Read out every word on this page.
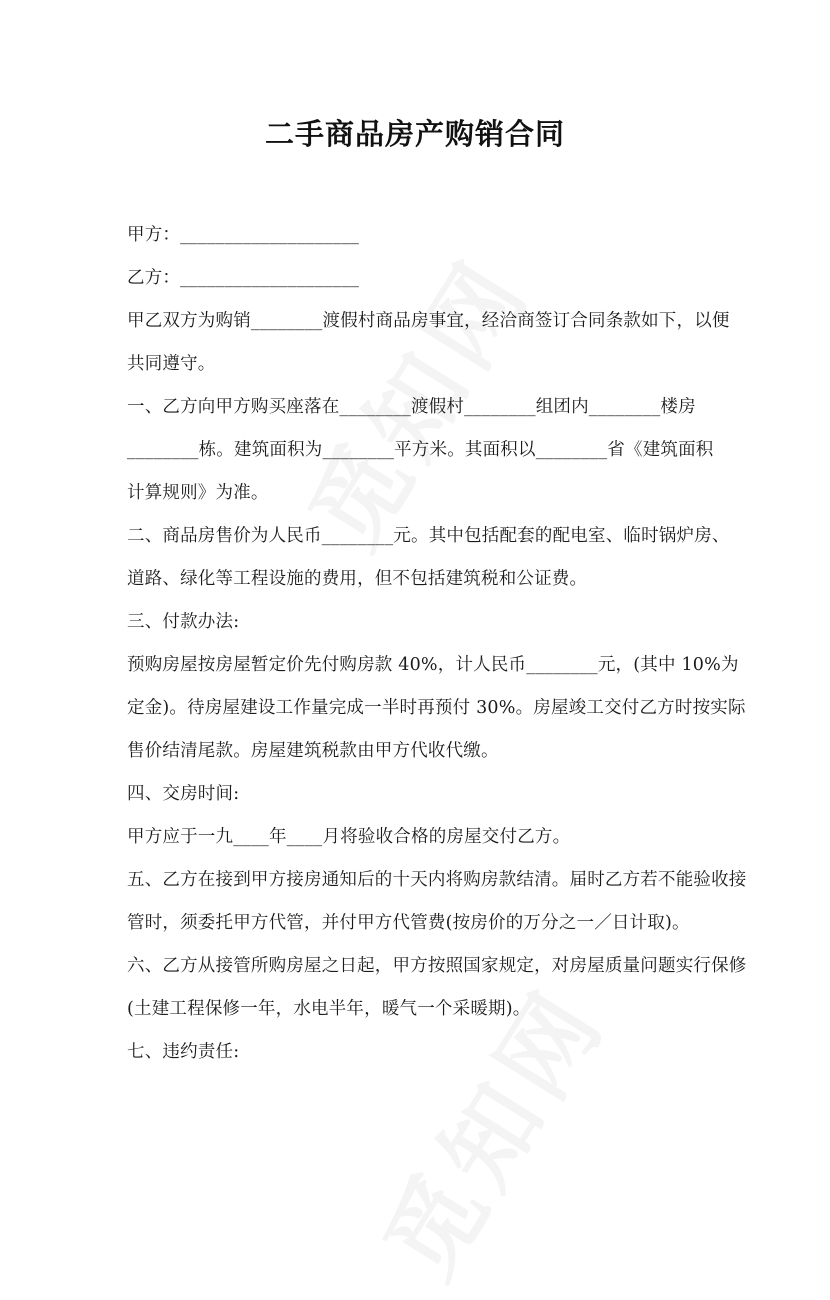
二手商品房产购销合同
甲方：____________________
乙方：____________________
甲乙双方为购销________渡假村商品房事宜，经洽商签订合同条款如下，以便
共同遵守。
一、乙方向甲方购买座落在________渡假村________组团内________楼房
________栋。建筑面积为________平方米。其面积以________省《建筑面积
计算规则》为准。
二、商品房售价为人民币________元。其中包括配套的配电室、临时锅炉房、
道路、绿化等工程设施的费用，但不包括建筑税和公证费。
三、付款办法:
预购房屋按房屋暂定价先付购房款 40%，计人民币________元，(其中 10%为
定金)。待房屋建设工作量完成一半时再预付 30%。房屋竣工交付乙方时按实际
售价结清尾款。房屋建筑税款由甲方代收代缴。
四、交房时间:
甲方应于一九____年____月将验收合格的房屋交付乙方。
五、乙方在接到甲方接房通知后的十天内将购房款结清。届时乙方若不能验收接
管时，须委托甲方代管，并付甲方代管费(按房价的万分之一／日计取)。
六、乙方从接管所购房屋之日起，甲方按照国家规定，对房屋质量问题实行保修
(土建工程保修一年，水电半年，暖气一个采暖期)。
七、违约责任:
